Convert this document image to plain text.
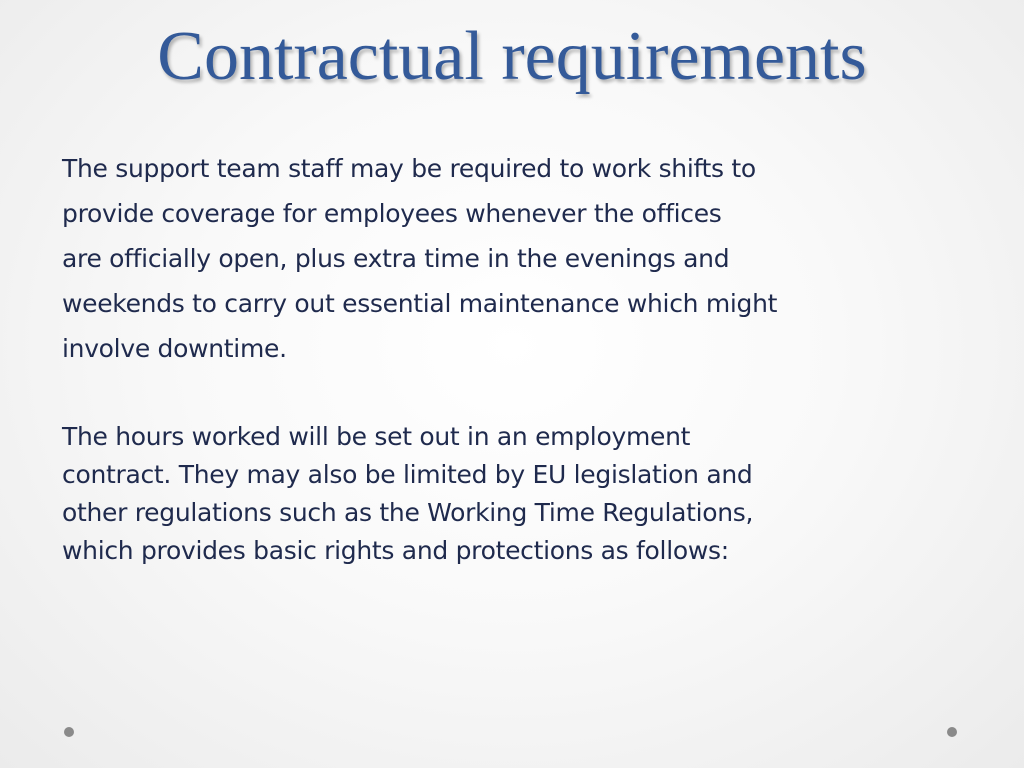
Contractual requirements

The support team staff may be required to work shifts to
provide coverage for employees whenever the offices
are officially open, plus extra time in the evenings and
weekends to carry out essential maintenance which might
involve downtime.

The hours worked will be set out in an employment
contract. They may also be limited by EU legislation and
other regulations such as the Working Time Regulations,
which provides basic rights and protections as follows:
